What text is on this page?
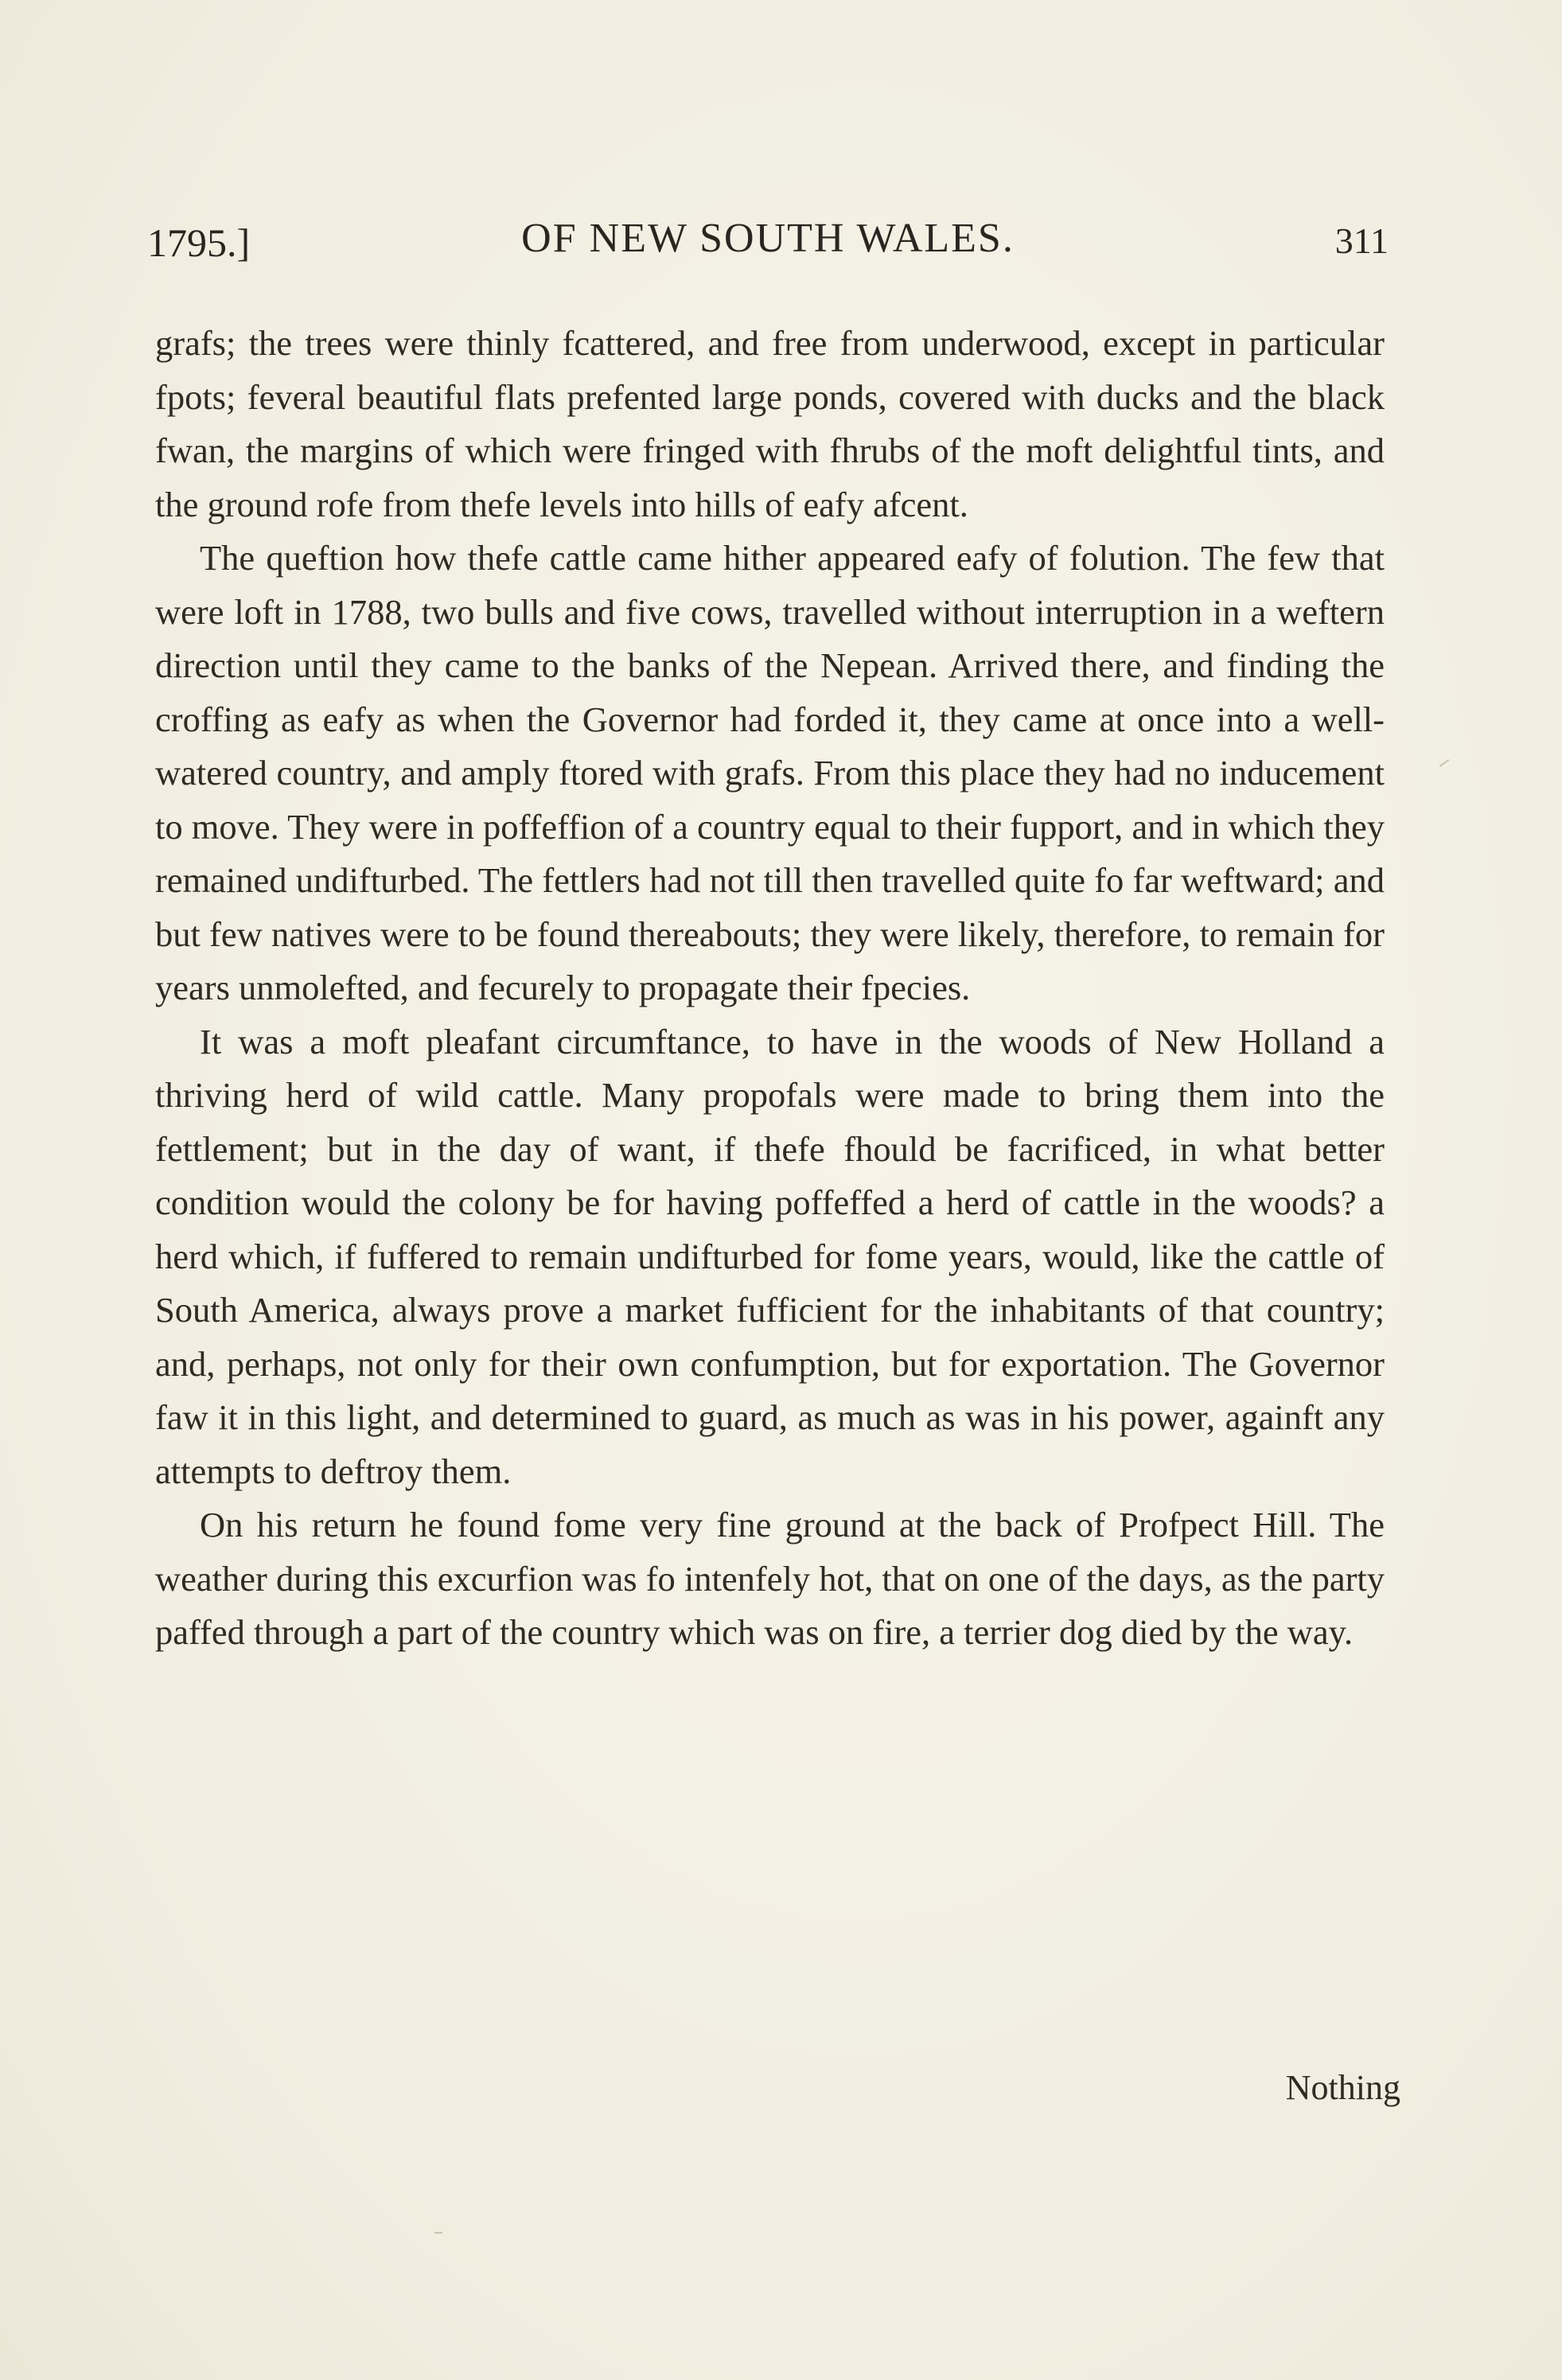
1795.]	OF NEW SOUTH WALES.	311

grafs; the trees were thinly fcattered, and free from underwood, except in particular fpots; feveral beautiful flats prefented large ponds, covered with ducks and the black fwan, the margins of which were fringed with fhrubs of the moft delightful tints, and the ground rofe from thefe levels into hills of eafy afcent.

The queftion how thefe cattle came hither appeared eafy of folution. The few that were loft in 1788, two bulls and five cows, travelled without interruption in a weftern direction until they came to the banks of the Nepean. Arrived there, and finding the croffing as eafy as when the Governor had forded it, they came at once into a well-watered country, and amply ftored with grafs. From this place they had no inducement to move. They were in poffeffion of a country equal to their fupport, and in which they remained undifturbed. The fettlers had not till then travelled quite fo far weftward; and but few natives were to be found thereabouts; they were likely, therefore, to remain for years unmolefted, and fecurely to propagate their fpecies.

It was a moft pleafant circumftance, to have in the woods of New Holland a thriving herd of wild cattle. Many propofals were made to bring them into the fettlement; but in the day of want, if thefe fhould be facrificed, in what better condition would the colony be for having poffeffed a herd of cattle in the woods? a herd which, if fuffered to remain undifturbed for fome years, would, like the cattle of South America, always prove a market fufficient for the inhabitants of that country; and, perhaps, not only for their own confumption, but for exportation. The Governor faw it in this light, and determined to guard, as much as was in his power, againft any attempts to deftroy them.

On his return he found fome very fine ground at the back of Profpect Hill. The weather during this excurfion was fo intenfely hot, that on one of the days, as the party paffed through a part of the country which was on fire, a terrier dog died by the way.

Nothing
